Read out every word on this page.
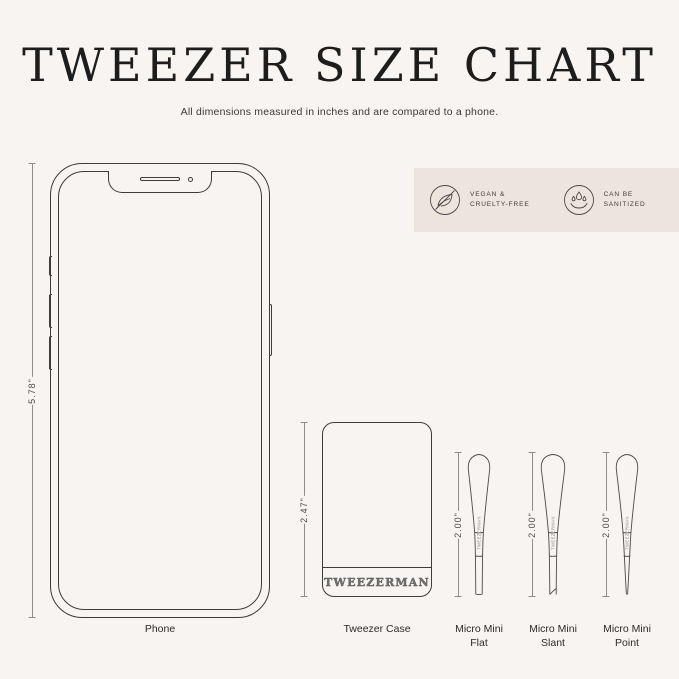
TWEEZER SIZE CHART
All dimensions measured in inches and are compared to a phone.
VEGAN &
CRUELTY-FREE
CAN BE
SANITIZED
5.78"
Phone
2.47"
TWEEZERMAN
Tweezer Case
2.00"	TWEEZERMAN
Micro Mini
Flat
2.00"	TWEEZERMAN
Micro Mini
Slant
2.00"	TWEEZERMAN
Micro Mini
Point
